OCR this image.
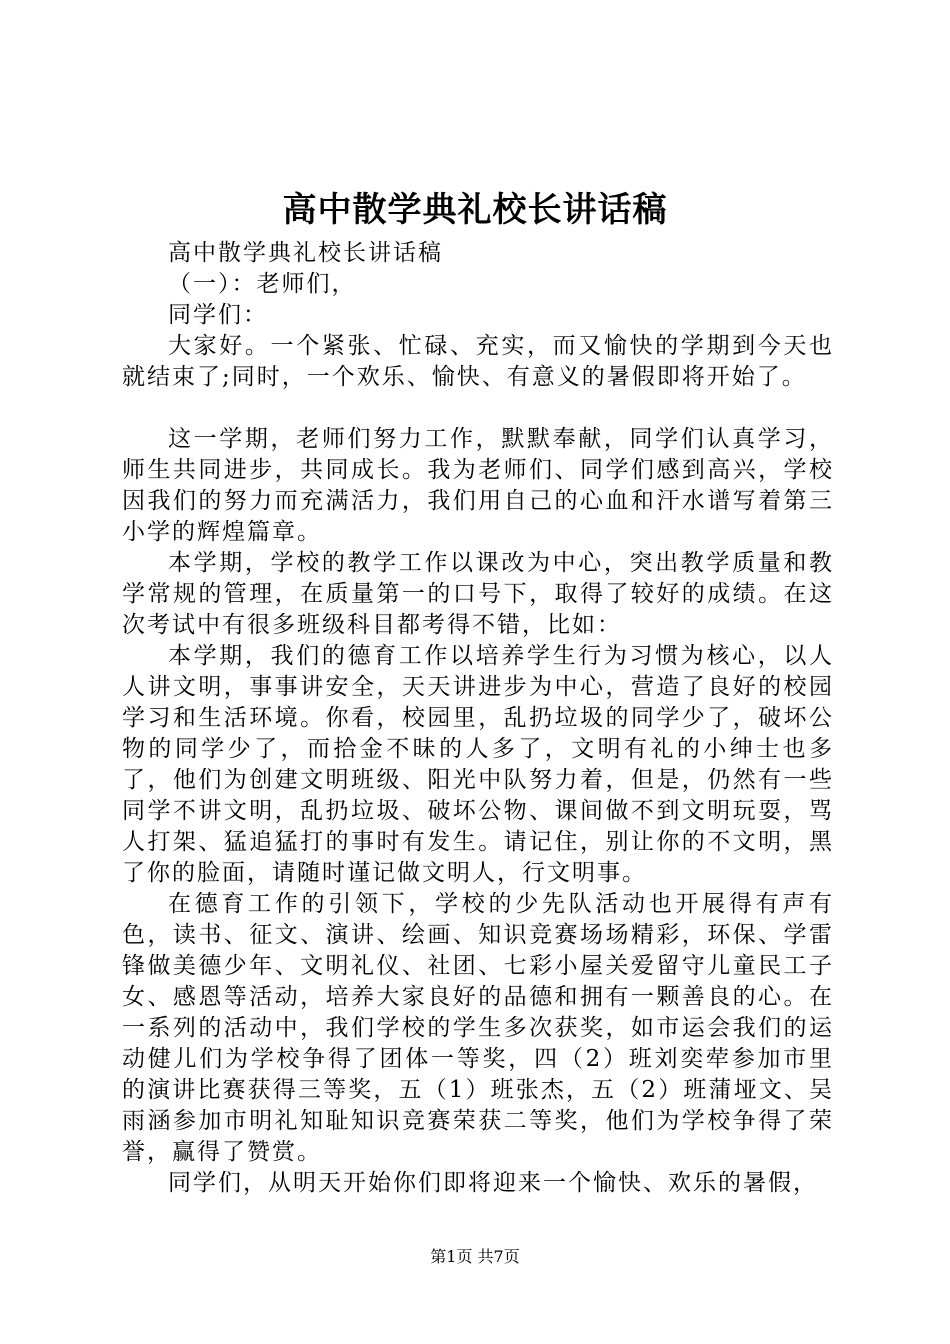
高中散学典礼校长讲话稿

高中散学典礼校长讲话稿

（一）：老师们，

同学们：

大家好。一个紧张、忙碌、充实，而又愉快的学期到今天也就结束了;同时，一个欢乐、愉快、有意义的暑假即将开始了。

这一学期，老师们努力工作，默默奉献，同学们认真学习，师生共同进步，共同成长。我为老师们、同学们感到高兴，学校因我们的努力而充满活力，我们用自己的心血和汗水谱写着第三小学的辉煌篇章。

本学期，学校的教学工作以课改为中心，突出教学质量和教学常规的管理，在质量第一的口号下，取得了较好的成绩。在这次考试中有很多班级科目都考得不错，比如：

本学期，我们的德育工作以培养学生行为习惯为核心，以人人讲文明，事事讲安全，天天讲进步为中心，营造了良好的校园学习和生活环境。你看，校园里，乱扔垃圾的同学少了，破坏公物的同学少了，而拾金不昧的人多了，文明有礼的小绅士也多了，他们为创建文明班级、阳光中队努力着，但是，仍然有一些同学不讲文明，乱扔垃圾、破坏公物、课间做不到文明玩耍，骂人打架、猛追猛打的事时有发生。请记住，别让你的不文明，黑了你的脸面，请随时谨记做文明人，行文明事。

在德育工作的引领下，学校的少先队活动也开展得有声有色，读书、征文、演讲、绘画、知识竞赛场场精彩，环保、学雷锋做美德少年、文明礼仪、社团、七彩小屋关爱留守儿童民工子女、感恩等活动，培养大家良好的品德和拥有一颗善良的心。在一系列的活动中，我们学校的学生多次获奖，如市运会我们的运动健儿们为学校争得了团体一等奖，四（2）班刘奕荦参加市里的演讲比赛获得三等奖，五（1）班张杰，五（2）班蒲垭文、吴雨涵参加市明礼知耻知识竞赛荣获二等奖，他们为学校争得了荣誉，赢得了赞赏。

同学们，从明天开始你们即将迎来一个愉快、欢乐的暑假，

第1页 共7页
